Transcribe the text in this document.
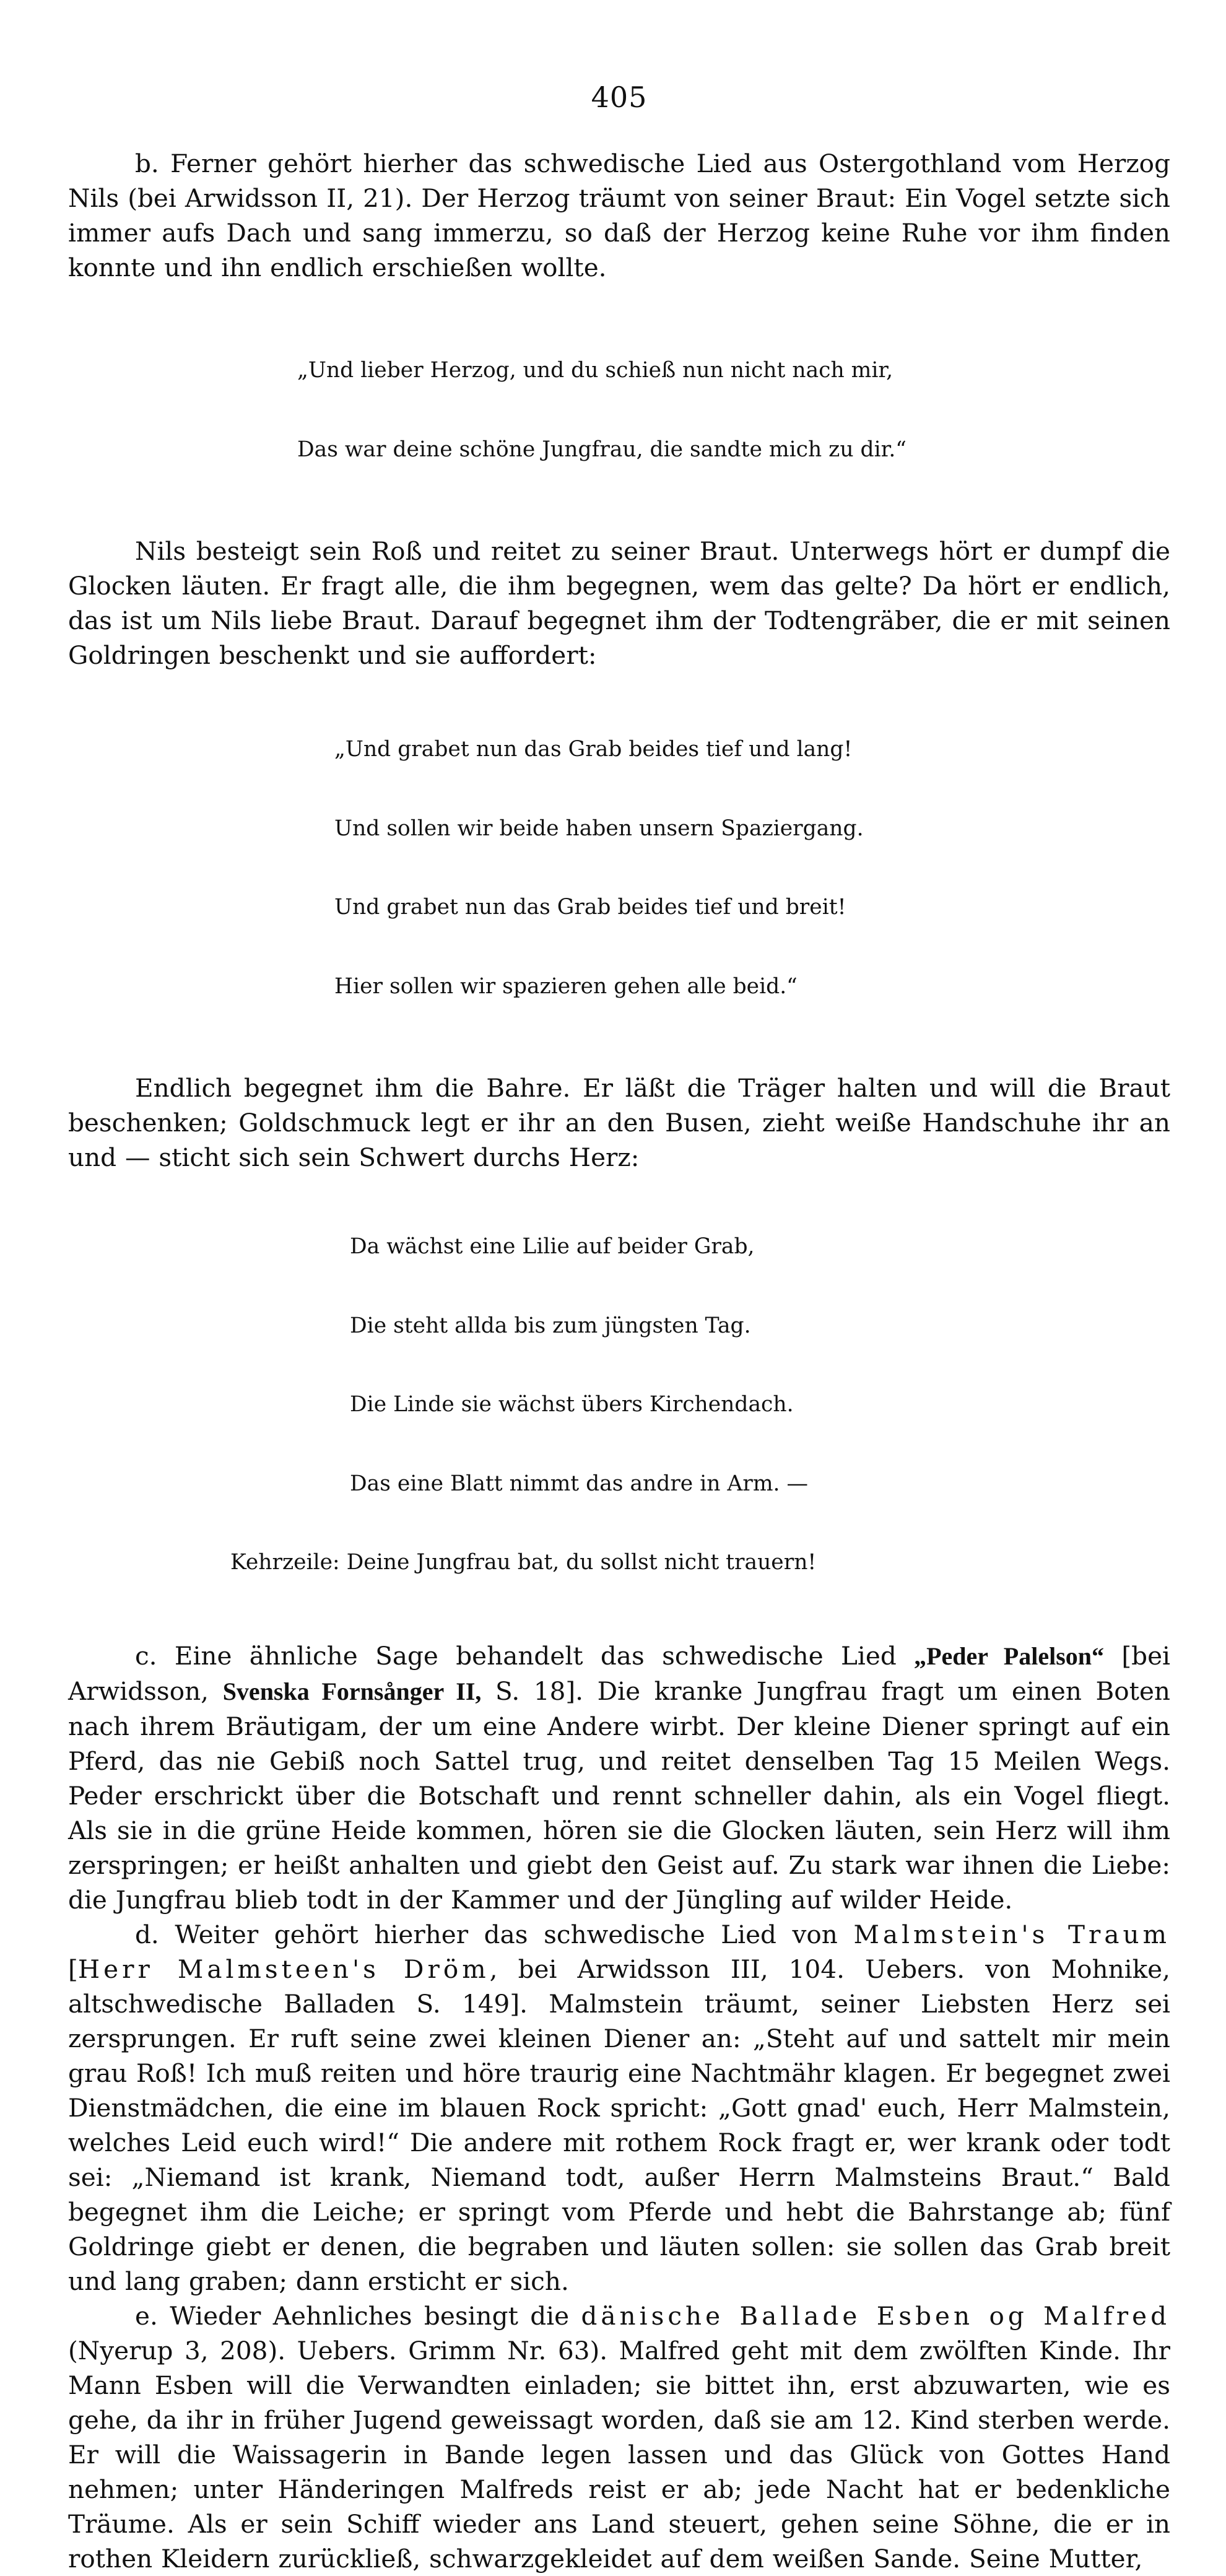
405

b. Ferner gehört hierher das schwedische Lied aus Ostergothland vom Herzog Nils (bei Arwidsson II, 21). Der Herzog träumt von seiner Braut: Ein Vogel setzte sich immer aufs Dach und sang immerzu, so daß der Herzog keine Ruhe vor ihm finden konnte und ihn endlich erschießen wollte.

„Und lieber Herzog, und du schieß nun nicht nach mir,

Das war deine schöne Jungfrau, die sandte mich zu dir.“

Nils besteigt sein Roß und reitet zu seiner Braut. Unterwegs hört er dumpf die Glocken läuten. Er fragt alle, die ihm begegnen, wem das gelte? Da hört er endlich, das ist um Nils liebe Braut. Darauf begegnet ihm der Todtengräber, die er mit seinen Goldringen beschenkt und sie auffordert:

„Und grabet nun das Grab beides tief und lang!

Und sollen wir beide haben unsern Spaziergang.

Und grabet nun das Grab beides tief und breit!

Hier sollen wir spazieren gehen alle beid.“

Endlich begegnet ihm die Bahre. Er läßt die Träger halten und will die Braut beschenken; Goldschmuck legt er ihr an den Busen, zieht weiße Handschuhe ihr an und — sticht sich sein Schwert durchs Herz:

Da wächst eine Lilie auf beider Grab,

Die steht allda bis zum jüngsten Tag.

Die Linde sie wächst übers Kirchendach.

Das eine Blatt nimmt das andre in Arm. —

Kehrzeile: Deine Jungfrau bat, du sollst nicht trauern!

c. Eine ähnliche Sage behandelt das schwedische Lied „Peder Palelson“ [bei Arwidsson, Svenska Fornsånger II, S. 18]. Die kranke Jungfrau fragt um einen Boten nach ihrem Bräutigam, der um eine Andere wirbt. Der kleine Diener springt auf ein Pferd, das nie Gebiß noch Sattel trug, und reitet denselben Tag 15 Meilen Wegs. Peder erschrickt über die Botschaft und rennt schneller dahin, als ein Vogel fliegt. Als sie in die grüne Heide kommen, hören sie die Glocken läuten, sein Herz will ihm zerspringen; er heißt anhalten und giebt den Geist auf. Zu stark war ihnen die Liebe: die Jungfrau blieb todt in der Kammer und der Jüngling auf wilder Heide.

d. Weiter gehört hierher das schwedische Lied von Malmstein's Traum [Herr Malmsteen's Dröm, bei Arwidsson III, 104. Uebers. von Mohnike, altschwedische Balladen S. 149]. Malmstein träumt, seiner Liebsten Herz sei zersprungen. Er ruft seine zwei kleinen Diener an: „Steht auf und sattelt mir mein grau Roß! Ich muß reiten und höre traurig eine Nachtmähr klagen. Er begegnet zwei Dienstmädchen, die eine im blauen Rock spricht: „Gott gnad' euch, Herr Malmstein, welches Leid euch wird!“ Die andere mit rothem Rock fragt er, wer krank oder todt sei: „Niemand ist krank, Niemand todt, außer Herrn Malmsteins Braut.“ Bald begegnet ihm die Leiche; er springt vom Pferde und hebt die Bahrstange ab; fünf Goldringe giebt er denen, die begraben und läuten sollen: sie sollen das Grab breit und lang graben; dann ersticht er sich.

e. Wieder Aehnliches besingt die dänische Ballade Esben og Malfred (Nyerup 3, 208). Uebers. Grimm Nr. 63). Malfred geht mit dem zwölften Kinde. Ihr Mann Esben will die Verwandten einladen; sie bittet ihn, erst abzuwarten, wie es gehe, da ihr in früher Jugend geweissagt worden, daß sie am 12. Kind sterben werde. Er will die Waissagerin in Bande legen lassen und das Glück von Gottes Hand nehmen; unter Händeringen Malfreds reist er ab; jede Nacht hat er bedenkliche Träume. Als er sein Schiff wieder ans Land steuert, gehen seine Söhne, die er in rothen Kleidern zurückließ, schwarzgekleidet auf dem weißen Sande. Seine Mutter,
